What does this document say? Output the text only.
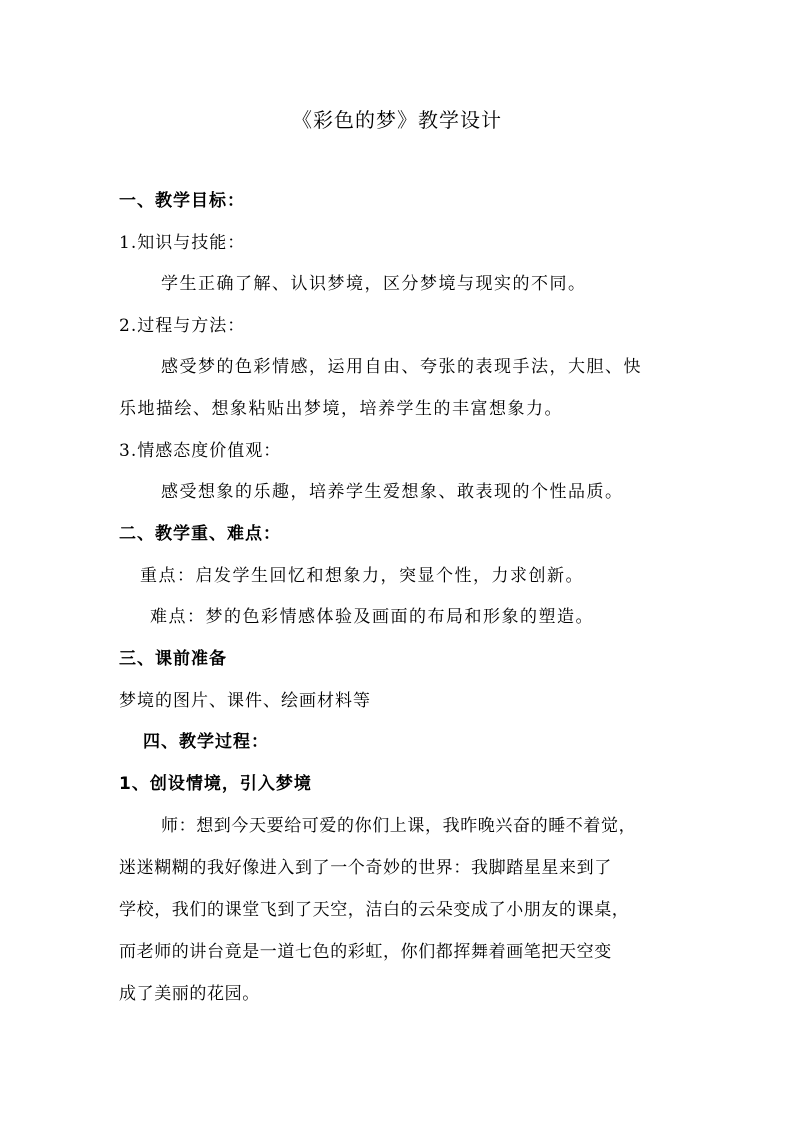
《彩色的梦》教学设计
一、教学目标：
1.知识与技能：
学生正确了解、认识梦境，区分梦境与现实的不同。
2.过程与方法：
感受梦的色彩情感，运用自由、夸张的表现手法，大胆、快
乐地描绘、想象粘贴出梦境，培养学生的丰富想象力。
3.情感态度价值观：
感受想象的乐趣，培养学生爱想象、敢表现的个性品质。
二、教学重、难点：
重点：启发学生回忆和想象力，突显个性，力求创新。
难点：梦的色彩情感体验及画面的布局和形象的塑造。
三、课前准备
梦境的图片、课件、绘画材料等
四、教学过程：
1、创设情境，引入梦境
师：想到今天要给可爱的你们上课，我昨晚兴奋的睡不着觉，
迷迷糊糊的我好像进入到了一个奇妙的世界：我脚踏星星来到了
学校，我们的课堂飞到了天空，洁白的云朵变成了小朋友的课桌，
而老师的讲台竟是一道七色的彩虹，你们都挥舞着画笔把天空变
成了美丽的花园。
